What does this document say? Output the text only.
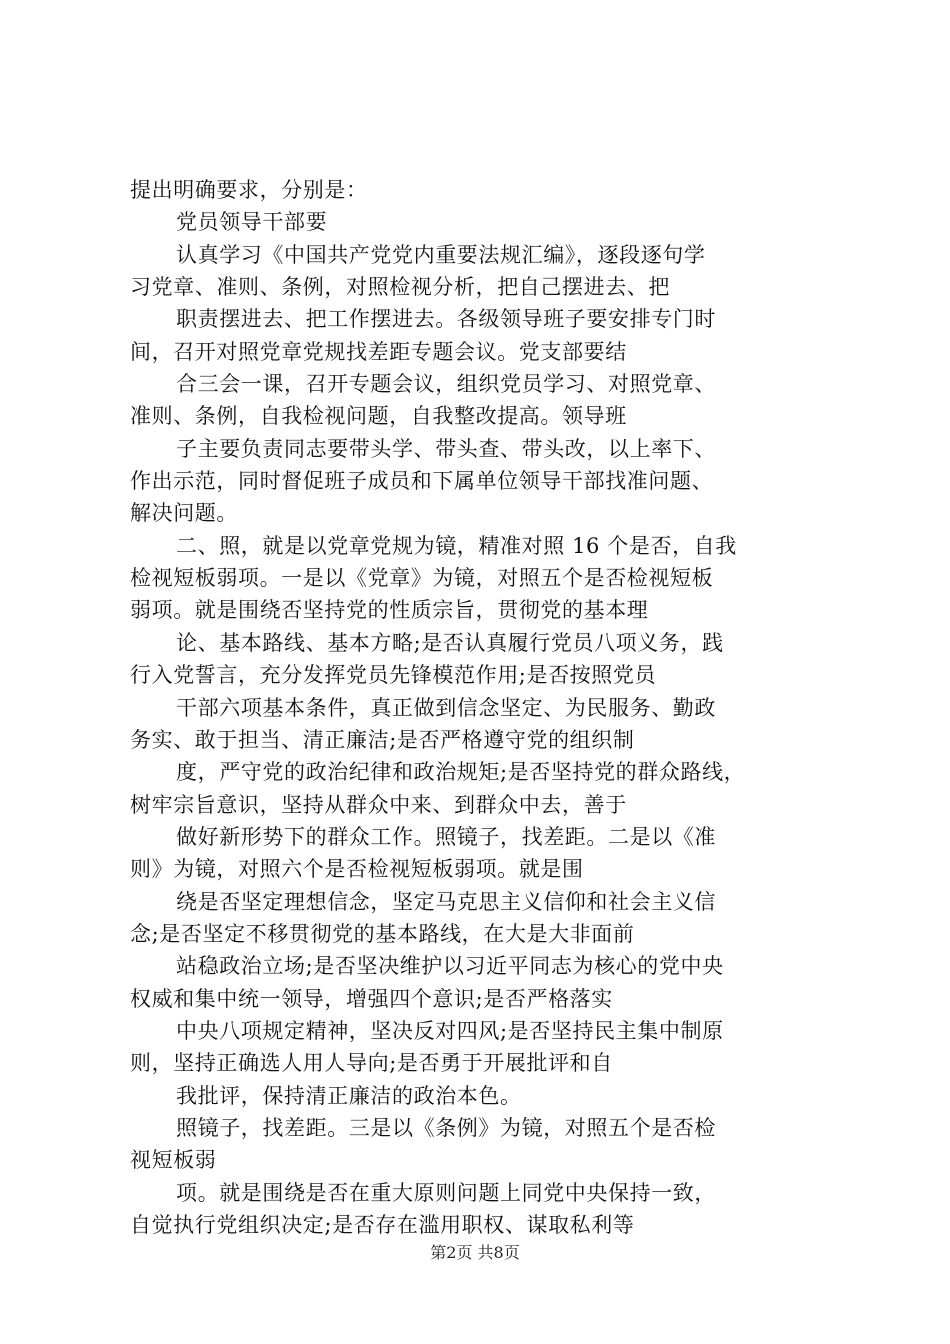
提出明确要求，分别是：
党员领导干部要
认真学习《中国共产党党内重要法规汇编》，逐段逐句学
习党章、准则、条例，对照检视分析，把自己摆进去、把
职责摆进去、把工作摆进去。各级领导班子要安排专门时
间，召开对照党章党规找差距专题会议。党支部要结
合三会一课，召开专题会议，组织党员学习、对照党章、
准则、条例，自我检视问题，自我整改提高。领导班
子主要负责同志要带头学、带头查、带头改，以上率下、
作出示范，同时督促班子成员和下属单位领导干部找准问题、
解决问题。
二、照，就是以党章党规为镜，精准对照 16 个是否，自我
检视短板弱项。一是以《党章》为镜，对照五个是否检视短板
弱项。就是围绕否坚持党的性质宗旨，贯彻党的基本理
论、基本路线、基本方略;是否认真履行党员八项义务，践
行入党誓言，充分发挥党员先锋模范作用;是否按照党员
干部六项基本条件，真正做到信念坚定、为民服务、勤政
务实、敢于担当、清正廉洁;是否严格遵守党的组织制
度，严守党的政治纪律和政治规矩;是否坚持党的群众路线，
树牢宗旨意识，坚持从群众中来、到群众中去，善于
做好新形势下的群众工作。照镜子，找差距。二是以《准
则》为镜，对照六个是否检视短板弱项。就是围
绕是否坚定理想信念，坚定马克思主义信仰和社会主义信
念;是否坚定不移贯彻党的基本路线，在大是大非面前
站稳政治立场;是否坚决维护以习近平同志为核心的党中央
权威和集中统一领导，增强四个意识;是否严格落实
中央八项规定精神，坚决反对四风;是否坚持民主集中制原
则，坚持正确选人用人导向;是否勇于开展批评和自
我批评，保持清正廉洁的政治本色。
照镜子，找差距。三是以《条例》为镜，对照五个是否检
视短板弱
项。就是围绕是否在重大原则问题上同党中央保持一致，
自觉执行党组织决定;是否存在滥用职权、谋取私利等
第2页 共8页
